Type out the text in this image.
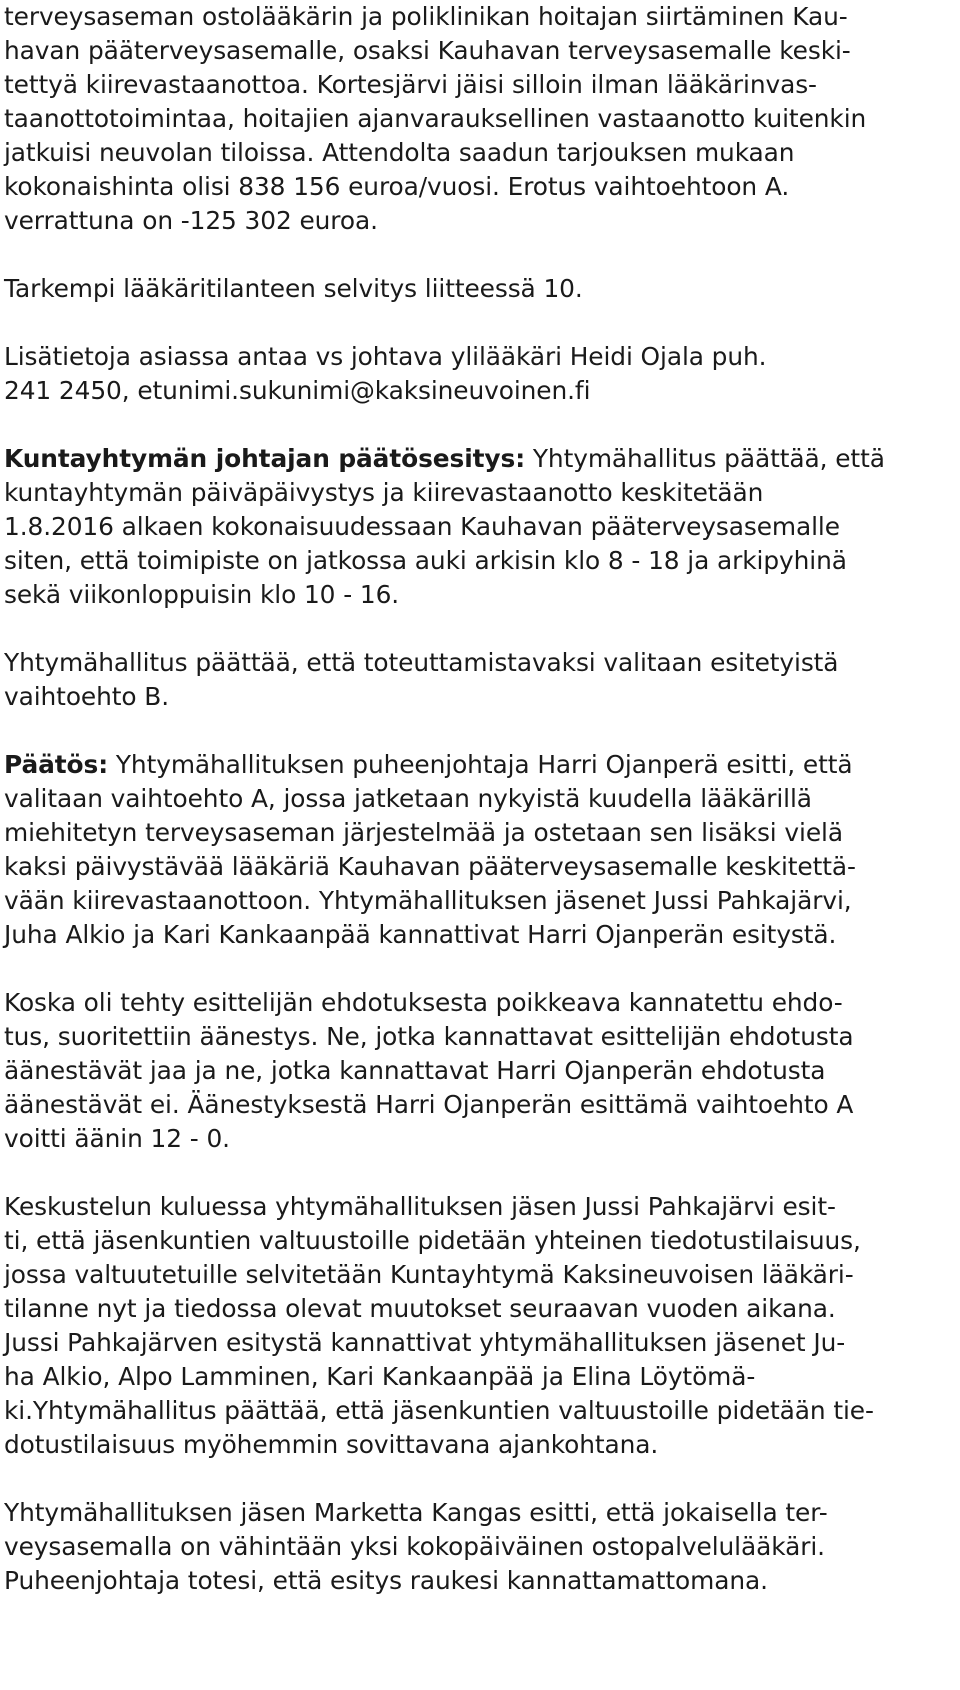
terveysaseman ostolääkärin ja poliklinikan hoitajan siirtäminen Kau-
havan pääterveysasemalle, osaksi Kauhavan terveysasemalle keski-
tettyä kiirevastaanottoa. Kortesjärvi jäisi silloin ilman lääkärinvas-
taanottotoimintaa, hoitajien ajanvarauksellinen vastaanotto kuitenkin
jatkuisi neuvolan tiloissa. Attendolta saadun tarjouksen mukaan
kokonaishinta olisi 838 156 euroa/vuosi. Erotus vaihtoehtoon A.
verrattuna on -125 302 euroa.
Tarkempi lääkäritilanteen selvitys liitteessä 10.
Lisätietoja asiassa antaa vs johtava ylilääkäri Heidi Ojala puh.
241 2450, etunimi.sukunimi@kaksineuvoinen.fi
Kuntayhtymän johtajan päätösesitys: Yhtymähallitus päättää, että
kuntayhtymän päiväpäivystys ja kiirevastaanotto keskitetään
1.8.2016 alkaen kokonaisuudessaan Kauhavan pääterveysasemalle
siten, että toimipiste on jatkossa auki arkisin klo 8 - 18 ja arkipyhinä
sekä viikonloppuisin klo 10 - 16.
Yhtymähallitus päättää, että toteuttamistavaksi valitaan esitetyistä
vaihtoehto B.
Päätös: Yhtymähallituksen puheenjohtaja Harri Ojanperä esitti, että
valitaan vaihtoehto A, jossa jatketaan nykyistä kuudella lääkärillä
miehitetyn terveysaseman järjestelmää ja ostetaan sen lisäksi vielä
kaksi päivystävää lääkäriä Kauhavan pääterveysasemalle keskitettä-
vään kiirevastaanottoon. Yhtymähallituksen jäsenet Jussi Pahkajärvi,
Juha Alkio ja Kari Kankaanpää kannattivat Harri Ojanperän esitystä.
Koska oli tehty esittelijän ehdotuksesta poikkeava kannatettu ehdo-
tus, suoritettiin äänestys. Ne, jotka kannattavat esittelijän ehdotusta
äänestävät jaa ja ne, jotka kannattavat Harri Ojanperän ehdotusta
äänestävät ei. Äänestyksestä Harri Ojanperän esittämä vaihtoehto A
voitti äänin 12 - 0.
Keskustelun kuluessa yhtymähallituksen jäsen Jussi Pahkajärvi esit-
ti, että jäsenkuntien valtuustoille pidetään yhteinen tiedotustilaisuus,
jossa valtuutetuille selvitetään Kuntayhtymä Kaksineuvoisen lääkäri-
tilanne nyt ja tiedossa olevat muutokset seuraavan vuoden aikana.
Jussi Pahkajärven esitystä kannattivat yhtymähallituksen jäsenet Ju-
ha Alkio, Alpo Lamminen, Kari Kankaanpää ja Elina Löytömä-
ki.Yhtymähallitus päättää, että jäsenkuntien valtuustoille pidetään tie-
dotustilaisuus myöhemmin sovittavana ajankohtana.
Yhtymähallituksen jäsen Marketta Kangas esitti, että jokaisella ter-
veysasemalla on vähintään yksi kokopäiväinen ostopalvelulääkäri.
Puheenjohtaja totesi, että esitys raukesi kannattamattomana.
